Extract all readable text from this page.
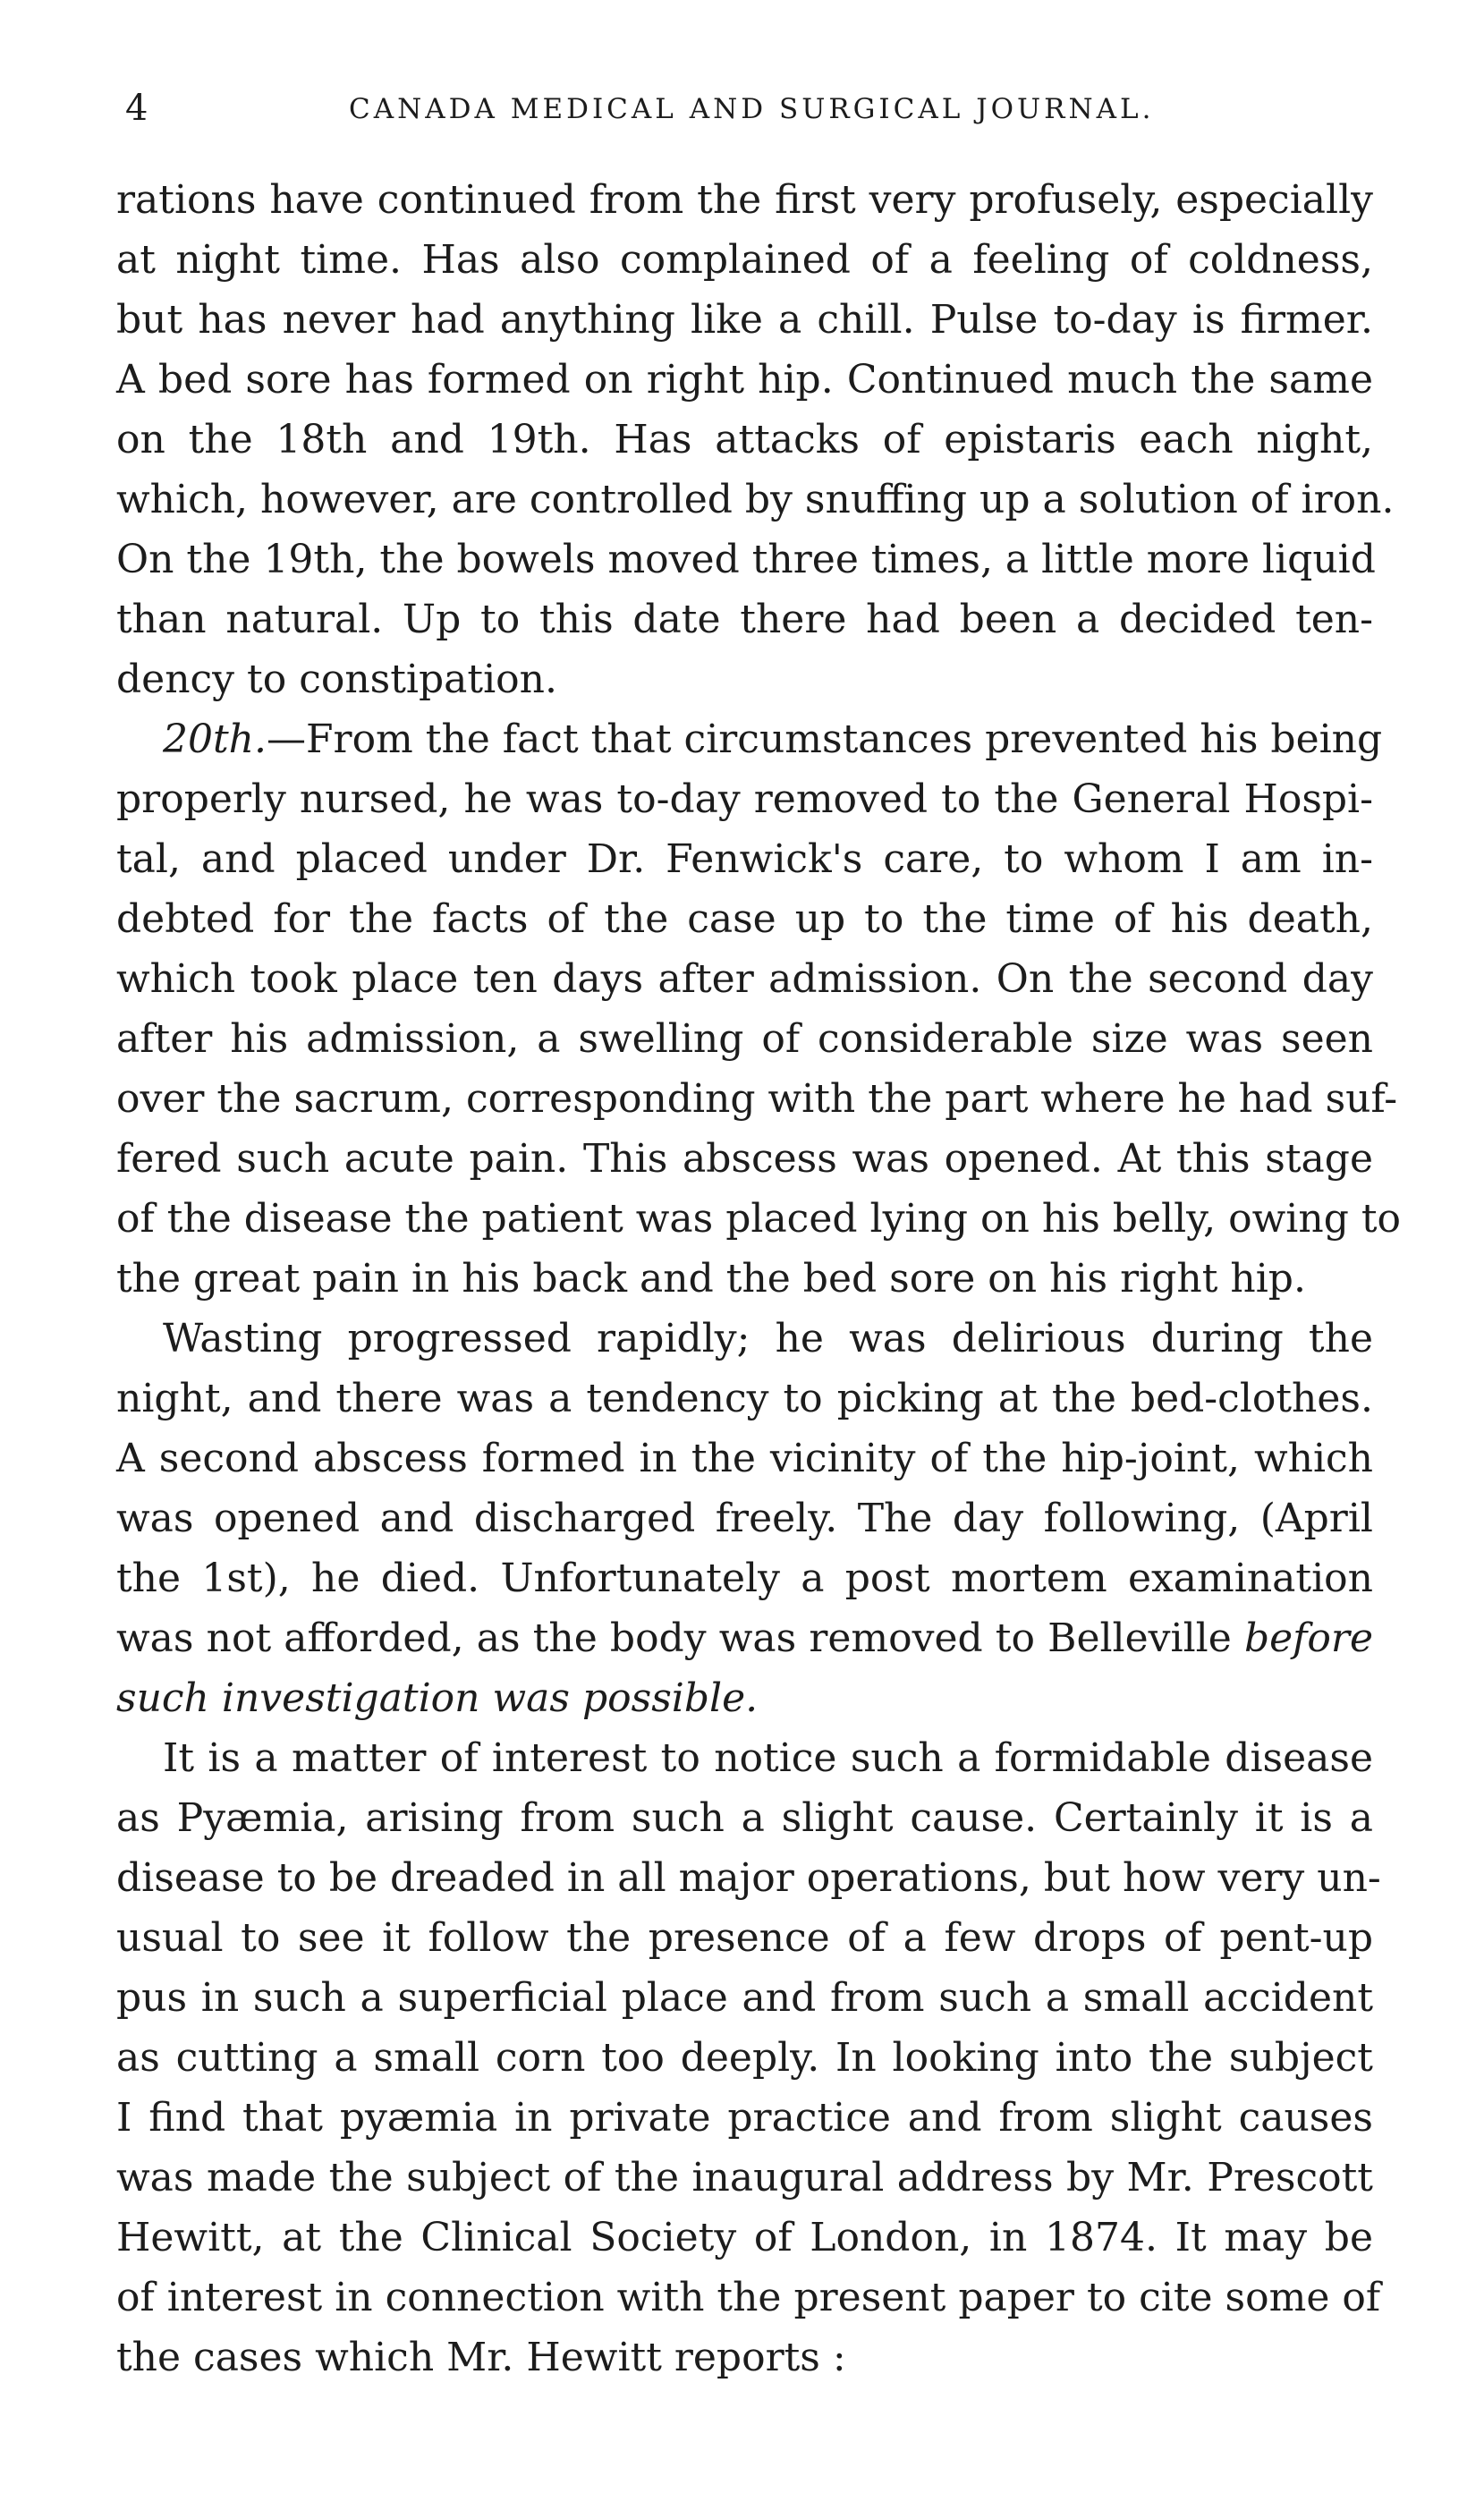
4	CANADA MEDICAL AND SURGICAL JOURNAL.
rations have continued from the first very profusely, especially
at night time. Has also complained of a feeling of coldness,
but has never had anything like a chill. Pulse to-day is firmer.
A bed sore has formed on right hip. Continued much the same
on the 18th and 19th. Has attacks of epistaris each night,
which, however, are controlled by snuffing up a solution of iron.
On the 19th, the bowels moved three times, a little more liquid
than natural. Up to this date there had been a decided ten-
dency to constipation.
20th.—From the fact that circumstances prevented his being
properly nursed, he was to-day removed to the General Hospi-
tal, and placed under Dr. Fenwick's care, to whom I am in-
debted for the facts of the case up to the time of his death,
which took place ten days after admission. On the second day
after his admission, a swelling of considerable size was seen
over the sacrum, corresponding with the part where he had suf-
fered such acute pain. This abscess was opened. At this stage
of the disease the patient was placed lying on his belly, owing to
the great pain in his back and the bed sore on his right hip.
Wasting progressed rapidly; he was delirious during the
night, and there was a tendency to picking at the bed-clothes.
A second abscess formed in the vicinity of the hip-joint, which
was opened and discharged freely. The day following, (April
the 1st), he died. Unfortunately a post mortem examination
was not afforded, as the body was removed to Belleville before
such investigation was possible.
It is a matter of interest to notice such a formidable disease
as Pyæmia, arising from such a slight cause. Certainly it is a
disease to be dreaded in all major operations, but how very un-
usual to see it follow the presence of a few drops of pent-up
pus in such a superficial place and from such a small accident
as cutting a small corn too deeply. In looking into the subject
I find that pyæmia in private practice and from slight causes
was made the subject of the inaugural address by Mr. Prescott
Hewitt, at the Clinical Society of London, in 1874. It may be
of interest in connection with the present paper to cite some of
the cases which Mr. Hewitt reports :
